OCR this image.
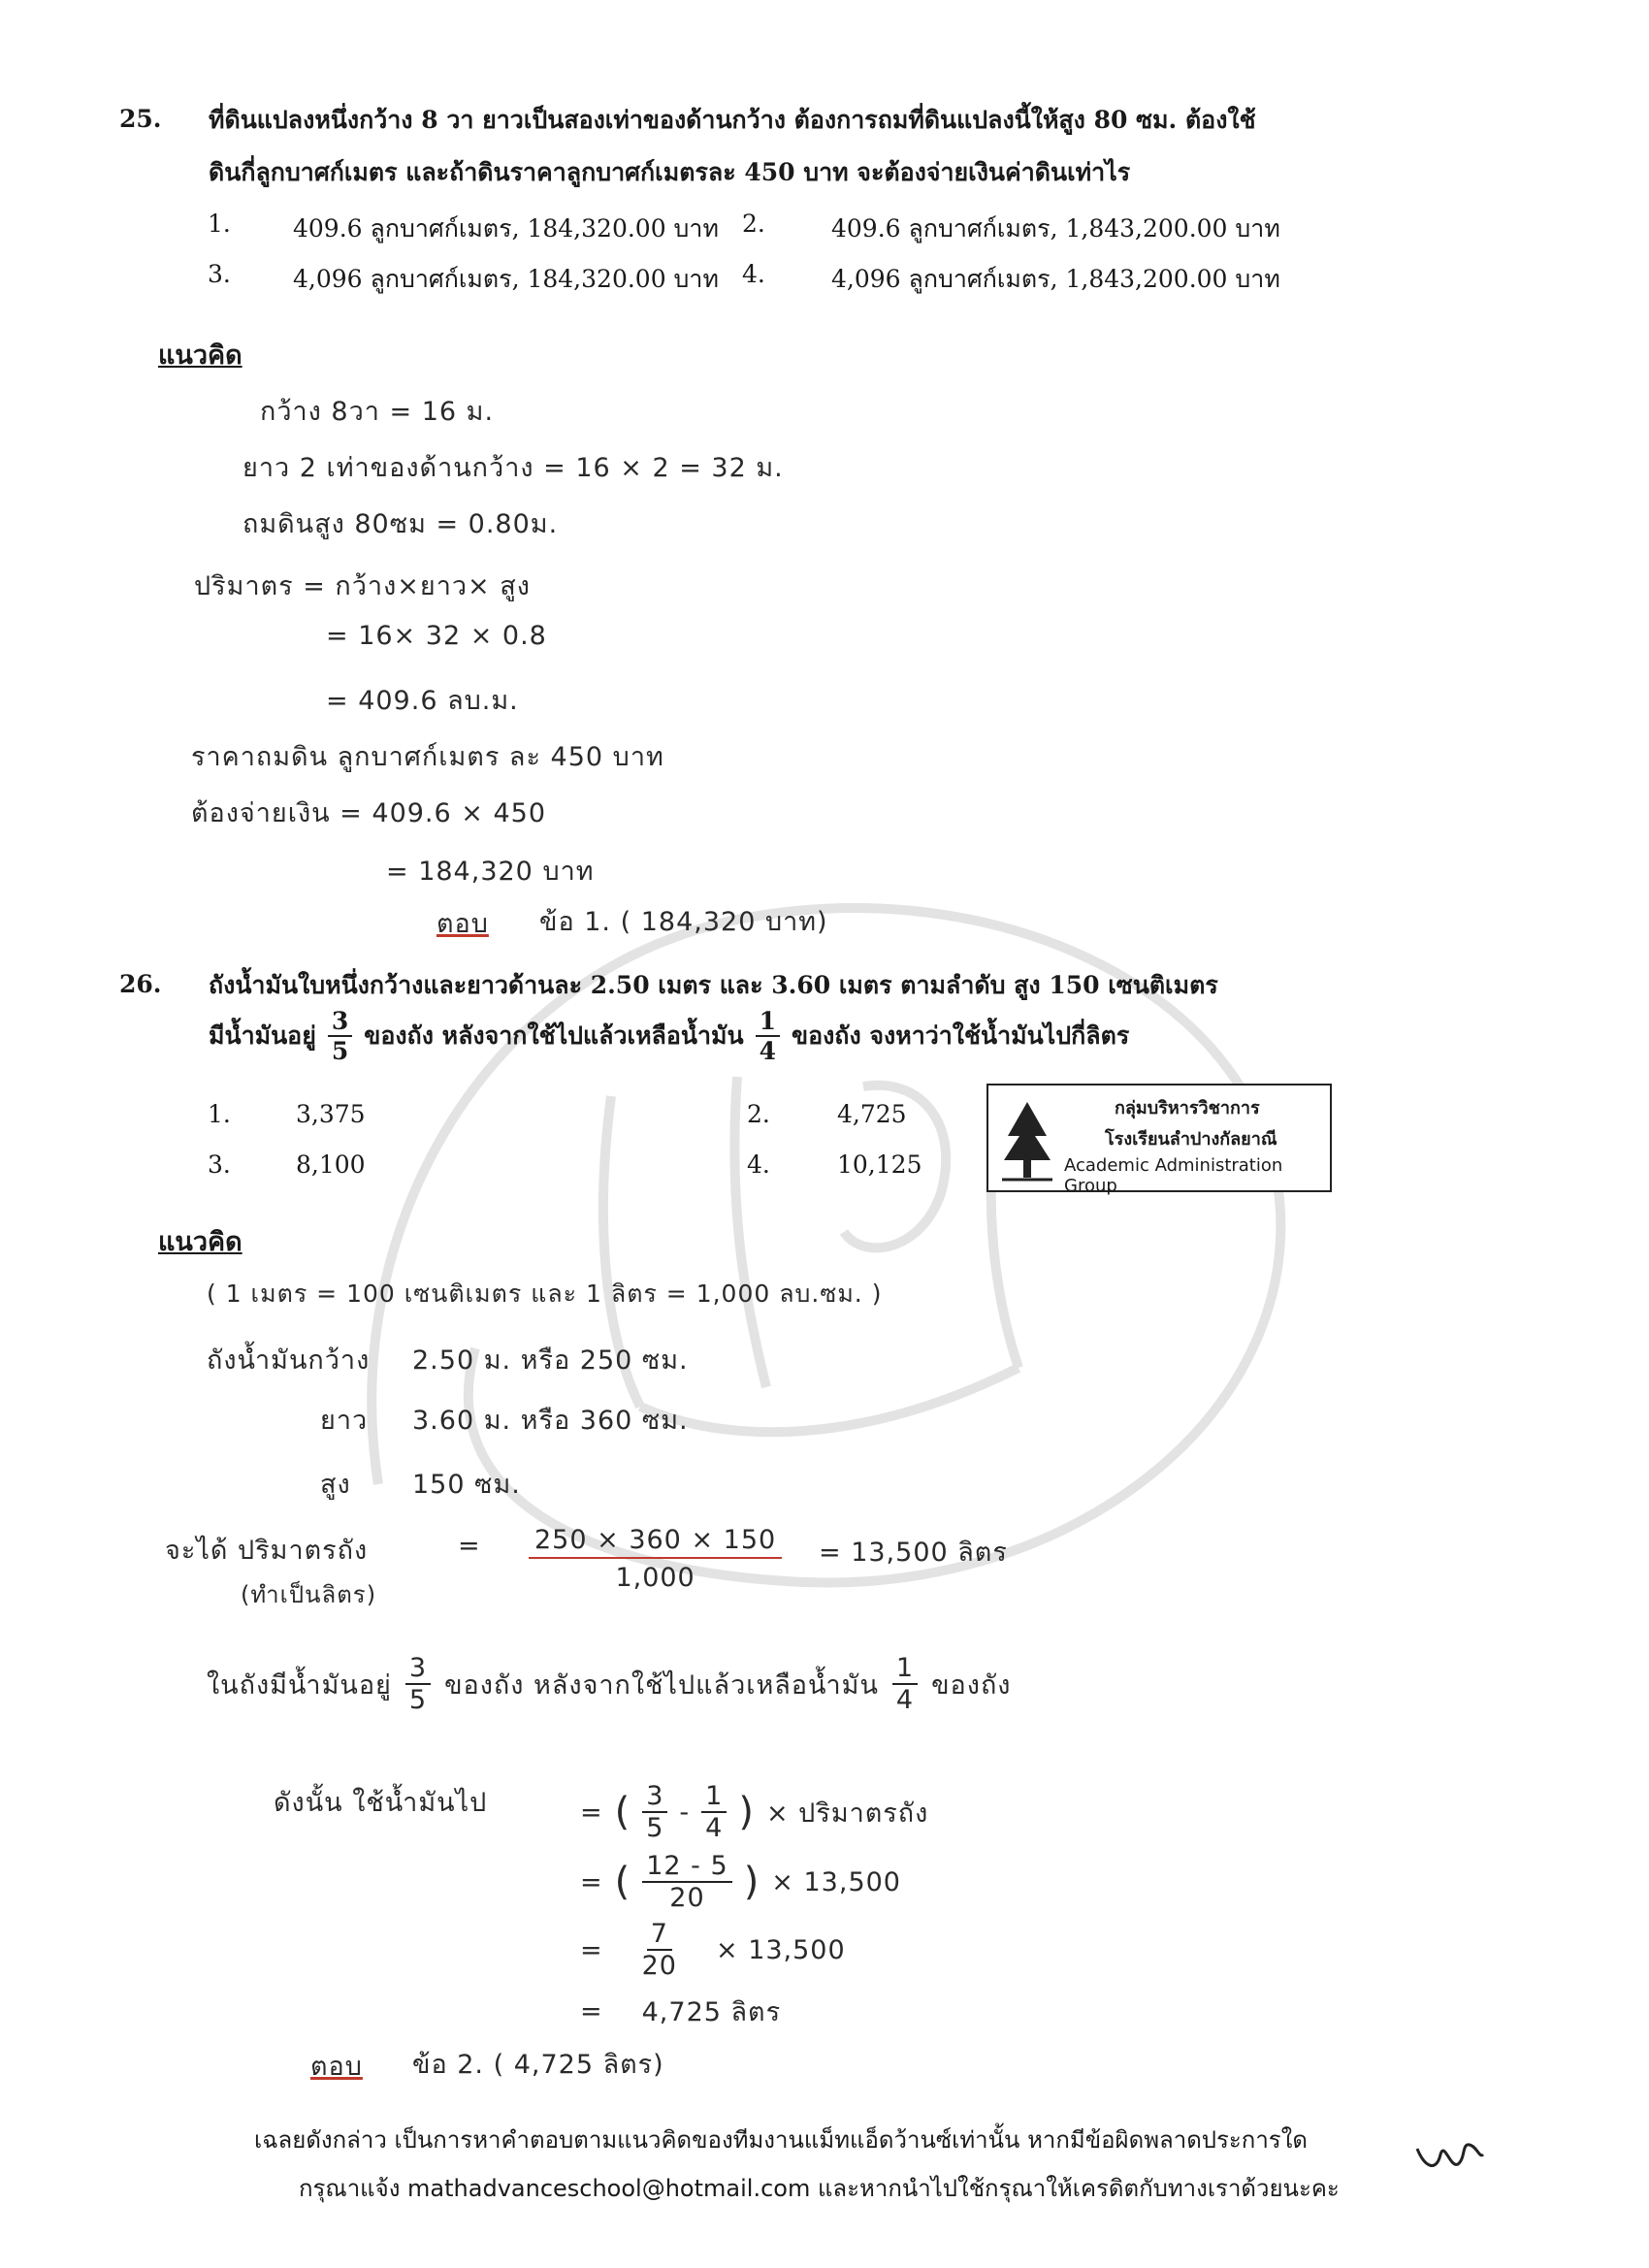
25. ที่ดินแปลงหนึ่งกว้าง 8 วา ยาวเป็นสองเท่าของด้านกว้าง ต้องการถมที่ดินแปลงนี้ให้สูง 80 ซม. ต้องใช้
ดินกี่ลูกบาศก์เมตร และถ้าดินราคาลูกบาศก์เมตรละ 450 บาท จะต้องจ่ายเงินค่าดินเท่าไร
1.	409.6 ลูกบาศก์เมตร, 184,320.00 บาท 2.	409.6 ลูกบาศก์เมตร, 1,843,200.00 บาท
3.	4,096 ลูกบาศก์เมตร, 184,320.00 บาท 4.	4,096 ลูกบาศก์เมตร, 1,843,200.00 บาท
แนวคิด
กว้าง 8วา = 16 ม.
ยาว 2 เท่าของด้านกว้าง = 16 × 2 = 32 ม.
ถมดินสูง 80ซม = 0.80ม.
ปริมาตร = กว้าง×ยาว× สูง
= 16× 32 × 0.8
= 409.6 ลบ.ม.
ราคาถมดิน ลูกบาศก์เมตร ละ 450 บาท
ต้องจ่ายเงิน = 409.6 × 450
= 184,320 บาท
ตอบ ข้อ 1. ( 184,320 บาท)
26. ถังน้ำมันใบหนึ่งกว้างและยาวด้านละ 2.50 เมตร และ 3.60 เมตร ตามลำดับ สูง 150 เซนติเมตร
มีน้ำมันอยู่ $\frac{3}{5}$ ของถัง หลังจากใช้ไปแล้วเหลือน้ำมัน $\frac{1}{4}$ ของถัง จงหาว่าใช้น้ำมันไปกี่ลิตร
1.	3,375	2.	4,725
3.	8,100	4.	10,125
กลุ่มบริหารวิชาการ
โรงเรียนลำปางกัลยาณี
Academic Administration Group
แนวคิด
( 1 เมตร = 100 เซนติเมตร และ 1 ลิตร = 1,000 ลบ.ซม. )
ถังน้ำมันกว้าง 2.50 ม. หรือ 250 ซม.
ยาว 3.60 ม. หรือ 360 ซม.
สูง 150 ซม.
จะได้ ปริมาตรถัง	=
(ทำเป็นลิตร)
$\frac{250 \times 360 \times 150}{1,000} = 13,500$ ลิตร
ในถังมีน้ำมันอยู่ $\frac{3}{5}$ ของถัง หลังจากใช้ไปแล้วเหลือน้ำมัน $\frac{1}{4}$ ของถัง
ดังนั้น ใช้น้ำมันไป	= ( $\frac{3}{5} - \frac{1}{4}$ ) × ปริมาตรถัง
= ( $\frac{12 - 5}{20}$ ) × 13,500
= $\frac{7}{20} \times 13,500$
= 4,725 ลิตร
ตอบ ข้อ 2. ( 4,725 ลิตร)
เฉลยดังกล่าว เป็นการหาคำตอบตามแนวคิดของทีมงานแม็ทแอ็ดว้านซ์เท่านั้น หากมีข้อผิดพลาดประการใด
กรุณาแจ้ง mathadvanceschool@hotmail.com และหากนำไปใช้กรุณาให้เครดิตกับทางเราด้วยนะคะ
